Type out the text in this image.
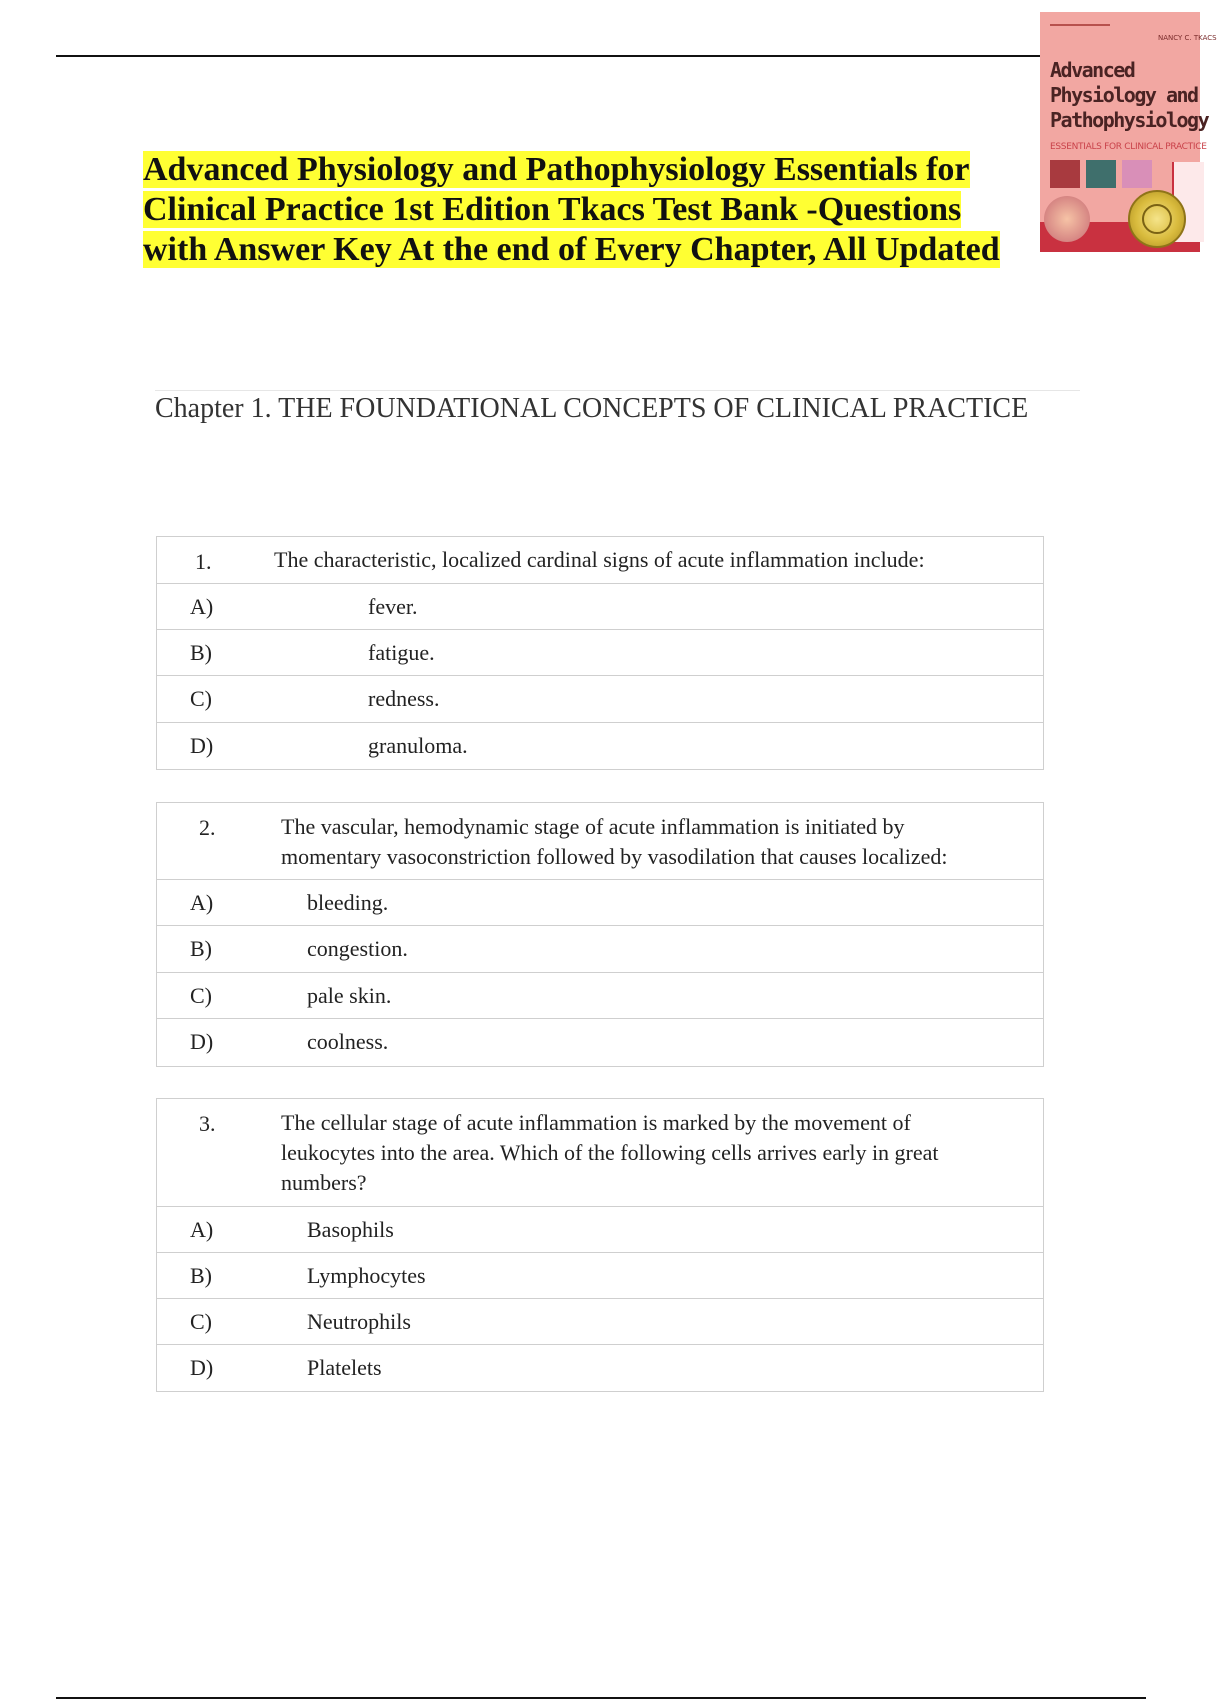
NANCY C. TKACS
Advanced
Physiology and
Pathophysiology
ESSENTIALS FOR CLINICAL PRACTICE
Advanced Physiology and Pathophysiology Essentials for
Clinical Practice 1st Edition Tkacs Test Bank -Questions
with Answer Key At the end of Every Chapter, All Updated
Chapter 1. THE FOUNDATIONAL CONCEPTS OF CLINICAL PRACTICE
1.	The characteristic, localized cardinal signs of acute inflammation include:
A)	fever.
B)	fatigue.
C)	redness.
D)	granuloma.
2.	The vascular, hemodynamic stage of acute inflammation is initiated by
momentary vasoconstriction followed by vasodilation that causes localized:
A)	bleeding.
B)	congestion.
C)	pale skin.
D)	coolness.
3.	The cellular stage of acute inflammation is marked by the movement of
leukocytes into the area. Which of the following cells arrives early in great
numbers?
A)	Basophils
B)	Lymphocytes
C)	Neutrophils
D)	Platelets
